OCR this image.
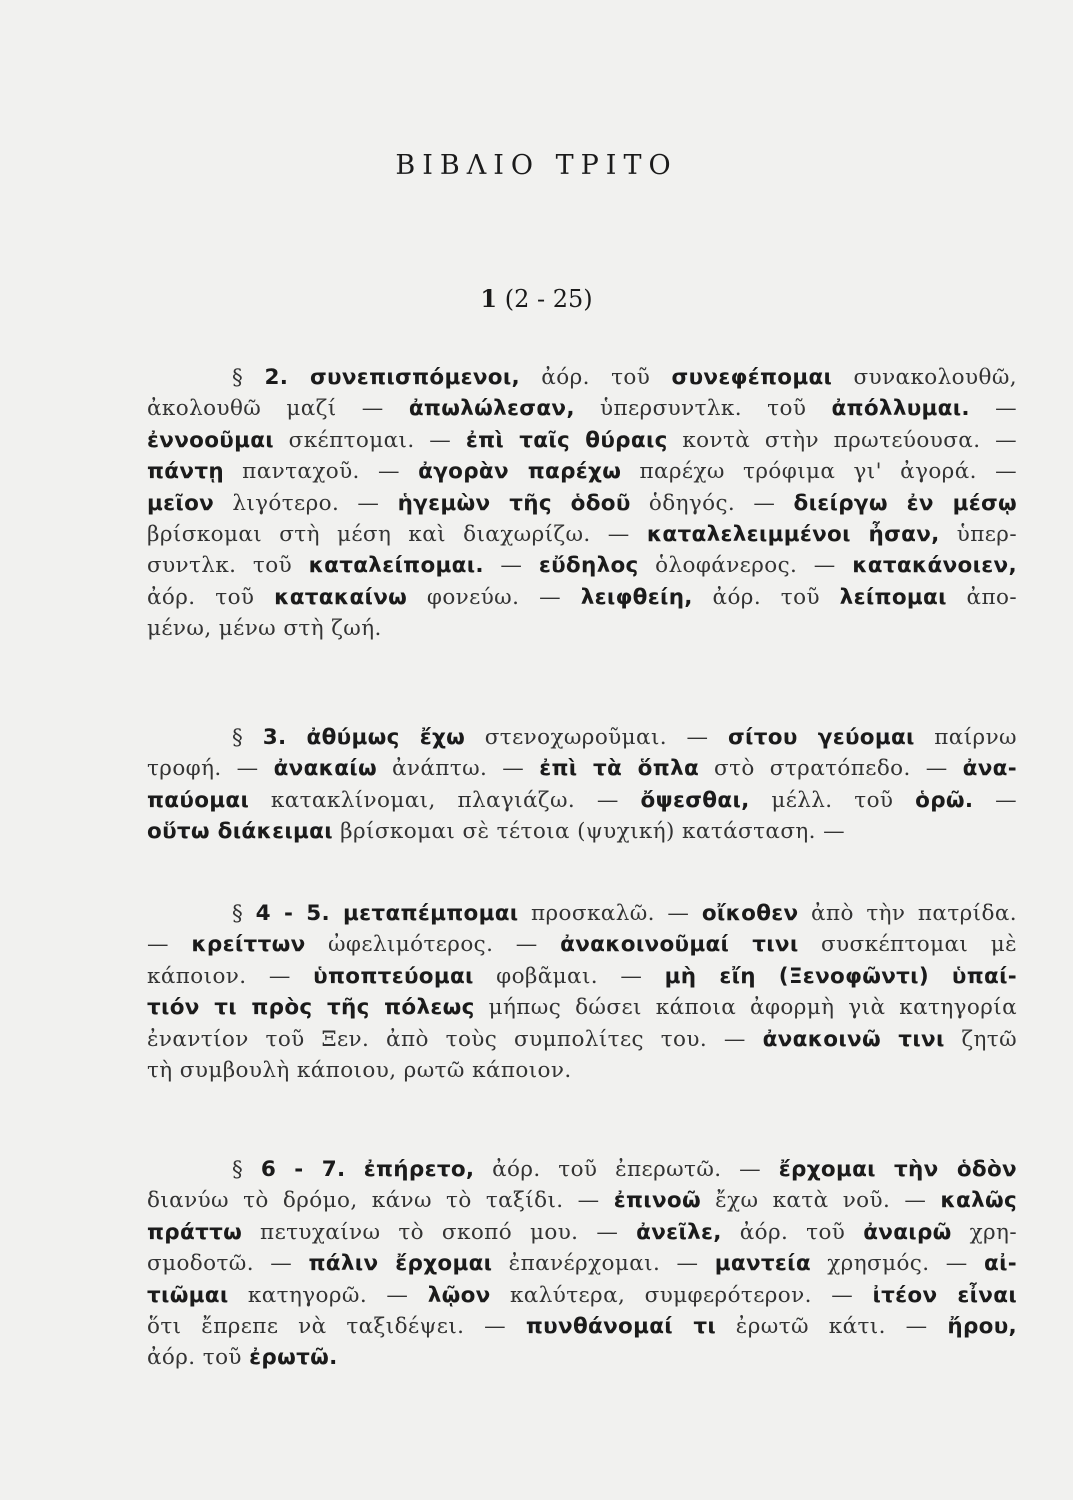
ΒΙΒΛΙΟ ΤΡΙΤΟ
1 (2 - 25)
§ 2. συνεπισπόμενοι, ἀόρ. τοῦ συνεφέπομαι συνακολουθῶ,
ἀκολουθῶ μαζί — ἀπωλώλεσαν, ὑπερσυντλκ. τοῦ ἀπόλλυμαι. —
ἐννοοῦμαι σκέπτομαι. — ἐπὶ ταῖς θύραις κοντὰ στὴν πρωτεύουσα. —
πάντῃ πανταχοῦ. — ἀγορὰν παρέχω παρέχω τρόφιμα γι' ἀγορά. —
μεῖον λιγότερο. — ἡγεμὼν τῆς ὁδοῦ ὁδηγός. — διείργω ἐν μέσῳ
βρίσκομαι στὴ μέση καὶ διαχωρίζω. — καταλελειμμένοι ἦσαν, ὑπερ-
συντλκ. τοῦ καταλείπομαι. — εὔδηλος ὁλοφάνερος. — κατακάνοιεν,
ἀόρ. τοῦ κατακαίνω φονεύω. — λειφθείη, ἀόρ. τοῦ λείπομαι ἀπο-
μένω, μένω στὴ ζωή.
§ 3. ἀθύμως ἔχω στενοχωροῦμαι. — σίτου γεύομαι παίρνω
τροφή. — ἀνακαίω ἀνάπτω. — ἐπὶ τὰ ὅπλα στὸ στρατόπεδο. — ἀνα-
παύομαι κατακλίνομαι, πλαγιάζω. — ὄψεσθαι, μέλλ. τοῦ ὁρῶ. —
οὕτω διάκειμαι βρίσκομαι σὲ τέτοια (ψυχική) κατάσταση. —
§ 4 - 5. μεταπέμπομαι προσκαλῶ. — οἴκοθεν ἀπὸ τὴν πατρίδα.
— κρείττων ὠφελιμότερος. — ἀνακοινοῦμαί τινι συσκέπτομαι μὲ
κάποιον. — ὑποπτεύομαι φοβᾶμαι. — μὴ εἴη (Ξενοφῶντι) ὑπαί-
τιόν τι πρὸς τῆς πόλεως μήπως δώσει κάποια ἀφορμὴ γιὰ κατηγορία
ἐναντίον τοῦ Ξεν. ἀπὸ τοὺς συμπολίτες του. — ἀνακοινῶ τινι ζητῶ
τὴ συμβουλὴ κάποιου, ρωτῶ κάποιον.
§ 6 - 7. ἐπήρετο, ἀόρ. τοῦ ἐπερωτῶ. — ἔρχομαι τὴν ὁδὸν
διανύω τὸ δρόμο, κάνω τὸ ταξίδι. — ἐπινοῶ ἔχω κατὰ νοῦ. — καλῶς
πράττω πετυχαίνω τὸ σκοπό μου. — ἀνεῖλε, ἀόρ. τοῦ ἀναιρῶ χρη-
σμοδοτῶ. — πάλιν ἔρχομαι ἐπανέρχομαι. — μαντεία χρησμός. — αἰ-
τιῶμαι κατηγορῶ. — λῷον καλύτερα, συμφερότερον. — ἰτέον εἶναι
ὅτι ἔπρεπε νὰ ταξιδέψει. — πυνθάνομαί τι ἐρωτῶ κάτι. — ἤρου,
ἀόρ. τοῦ ἐρωτῶ.
